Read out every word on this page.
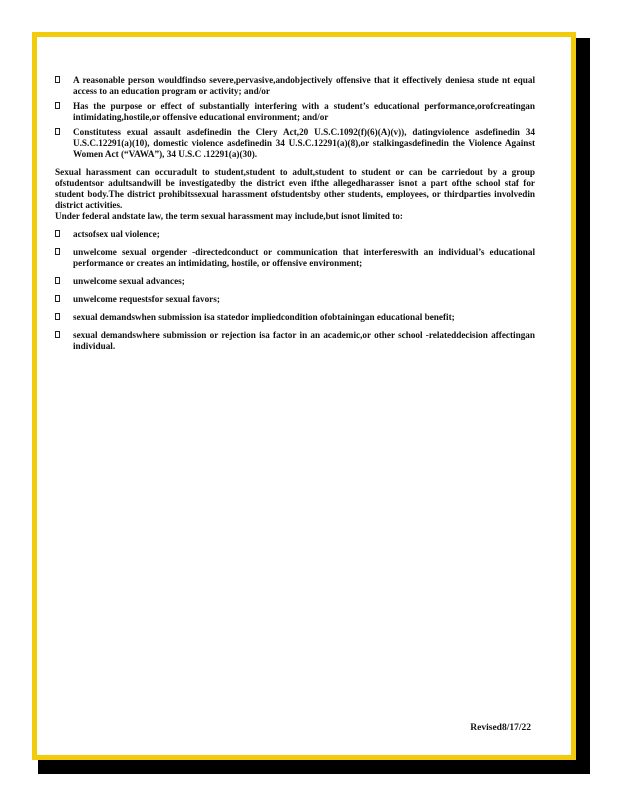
A reasonable person wouldfindso severe,pervasive,andobjectively offensive that it effectively deniesa stude nt equal access to an education program or activity; and/or
Has the purpose or effect of substantially interfering with a student’s educational performance,orofcreatingan intimidating,hostile,or offensive educational environment; and/or
Constitutess exual assault asdefinedin the Clery Act,20 U.S.C.1092(f)(6)(A)(v)), datingviolence asdefinedin 34 U.S.C.12291(a)(10), domestic violence asdefinedin 34 U.S.C.12291(a)(8),or stalkingasdefinedin the Violence Against Women Act (“VAWA”), 34 U.S.C .12291(a)(30).

Sexual harassment can occuradult to student,student to adult,student to student or can be carriedout by a group ofstudentsor adultsandwill be investigatedby the district even ifthe allegedharasser isnot a part ofthe school staf for student body.The district prohibitssexual harassment ofstudentsby other students, employees, or thirdparties involvedin district activities.

Under federal andstate law, the term sexual harassment may include,but isnot limited to:

actsofsex ual violence;
unwelcome sexual orgender -directedconduct or communication that interfereswith an individual’s educational performance or creates an intimidating, hostile, or offensive environment;
unwelcome sexual advances;
unwelcome requestsfor sexual favors;
sexual demandswhen submission isa statedor impliedcondition ofobtainingan educational benefit;
sexual demandswhere submission or rejection isa factor in an academic,or other school -relateddecision affectingan individual.
Revised8/17/22
